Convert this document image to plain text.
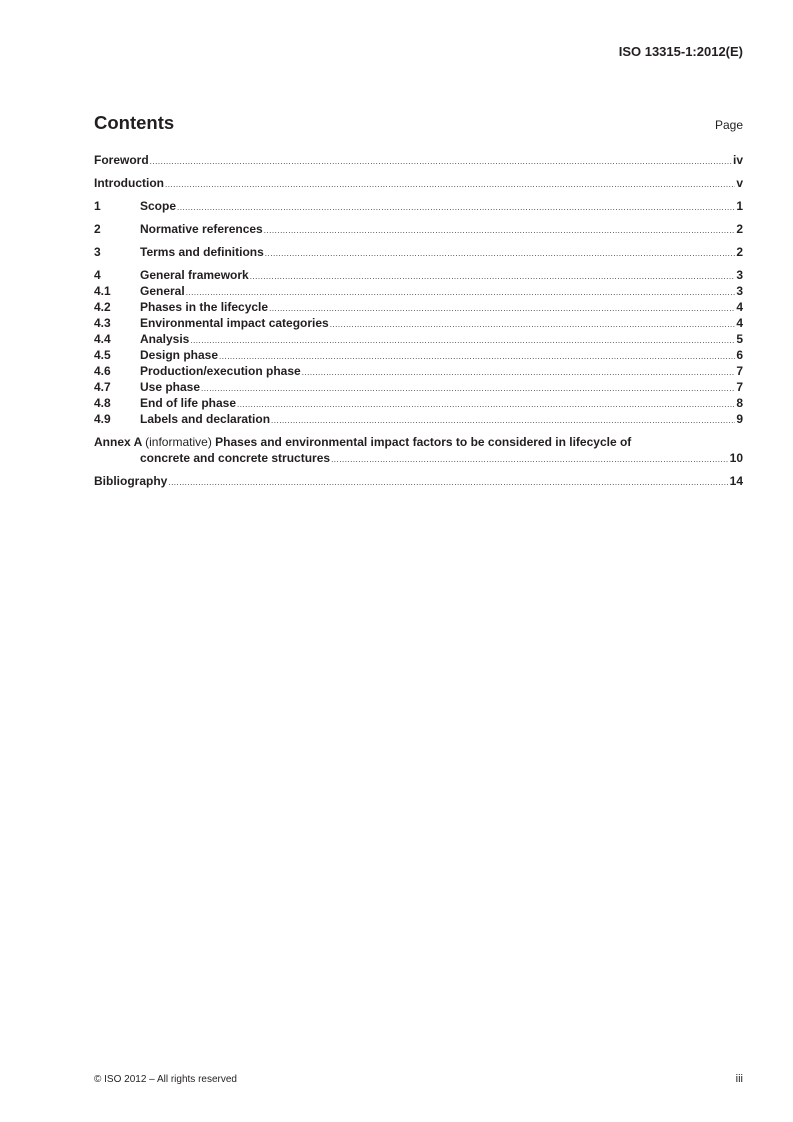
ISO 13315-1:2012(E)
Contents	Page
Foreword .....	iv
Introduction .....	v
1	Scope .....	1
2	Normative references .....	2
3	Terms and definitions .....	2
4	General framework .....	3
4.1	General .....	3
4.2	Phases in the lifecycle .....	4
4.3	Environmental impact categories .....	4
4.4	Analysis .....	5
4.5	Design phase .....	6
4.6	Production/execution phase .....	7
4.7	Use phase .....	7
4.8	End of life phase .....	8
4.9	Labels and declaration .....	9
Annex A (informative) Phases and environmental impact factors to be considered in lifecycle of
concrete and concrete structures .....	10
Bibliography .....	14
© ISO 2012 – All rights reserved	iii
